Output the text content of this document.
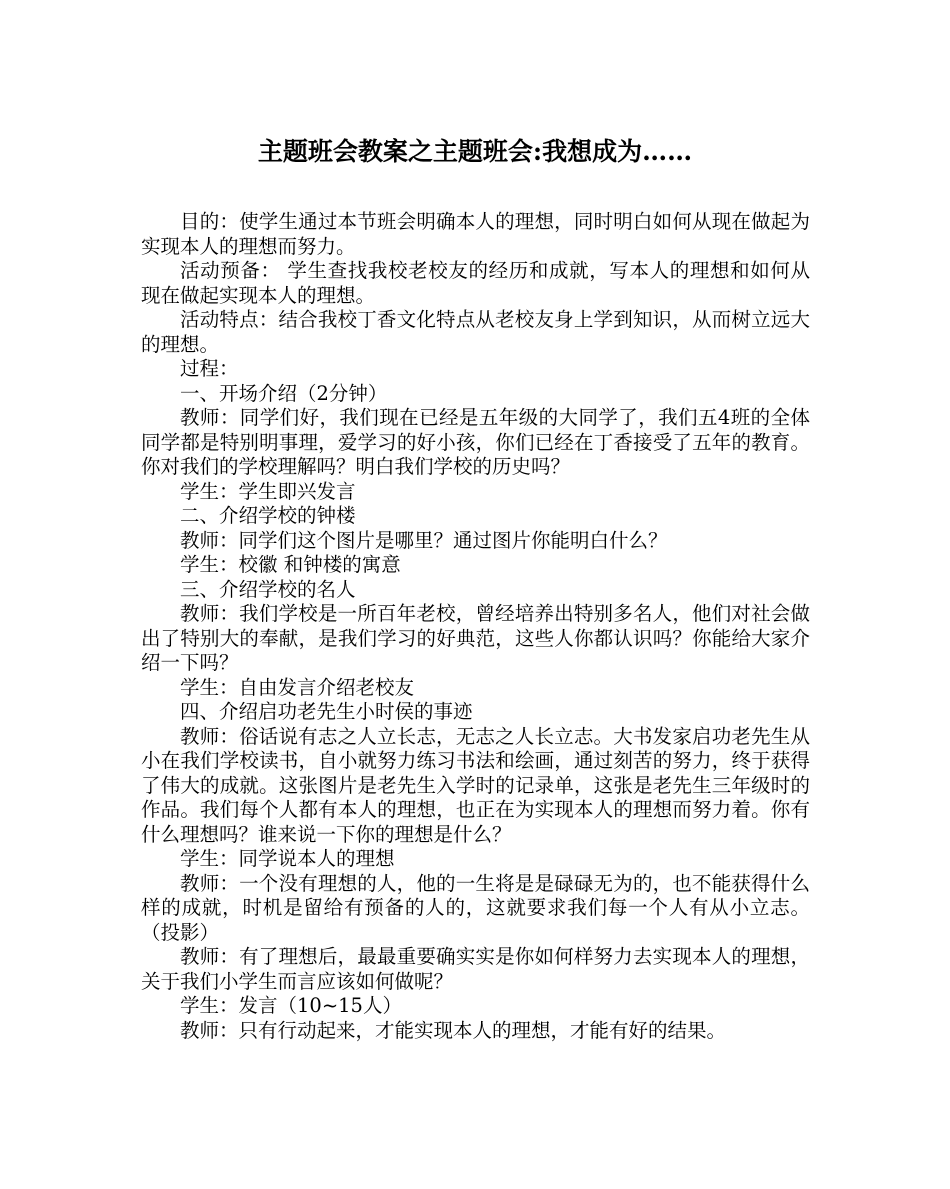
主题班会教案之主题班会:我想成为……

目的：使学生通过本节班会明确本人的理想，同时明白如何从现在做起为实现本人的理想而努力。

活动预备： 学生查找我校老校友的经历和成就，写本人的理想和如何从现在做起实现本人的理想。

活动特点：结合我校丁香文化特点从老校友身上学到知识，从而树立远大的理想。

过程：

一、开场介绍（2分钟）

教师：同学们好，我们现在已经是五年级的大同学了，我们五4班的全体同学都是特别明事理，爱学习的好小孩，你们已经在丁香接受了五年的教育。你对我们的学校理解吗？明白我们学校的历史吗？

学生：学生即兴发言

二、介绍学校的钟楼

教师：同学们这个图片是哪里？通过图片你能明白什么？

学生：校徽 和钟楼的寓意

三、介绍学校的名人

教师：我们学校是一所百年老校，曾经培养出特别多名人，他们对社会做出了特别大的奉献，是我们学习的好典范，这些人你都认识吗？你能给大家介绍一下吗？

学生：自由发言介绍老校友

四、介绍启功老先生小时侯的事迹

教师：俗话说有志之人立长志，无志之人长立志。大书发家启功老先生从小在我们学校读书，自小就努力练习书法和绘画，通过刻苦的努力，终于获得了伟大的成就。这张图片是老先生入学时的记录单，这张是老先生三年级时的作品。我们每个人都有本人的理想，也正在为实现本人的理想而努力着。你有什么理想吗？谁来说一下你的理想是什么？

学生：同学说本人的理想

教师：一个没有理想的人，他的一生将是是碌碌无为的，也不能获得什么样的成就，时机是留给有预备的人的，这就要求我们每一个人有从小立志。（投影）

教师：有了理想后，最最重要确实实是你如何样努力去实现本人的理想，关于我们小学生而言应该如何做呢？

学生：发言（10~15人）

教师：只有行动起来，才能实现本人的理想，才能有好的结果。
